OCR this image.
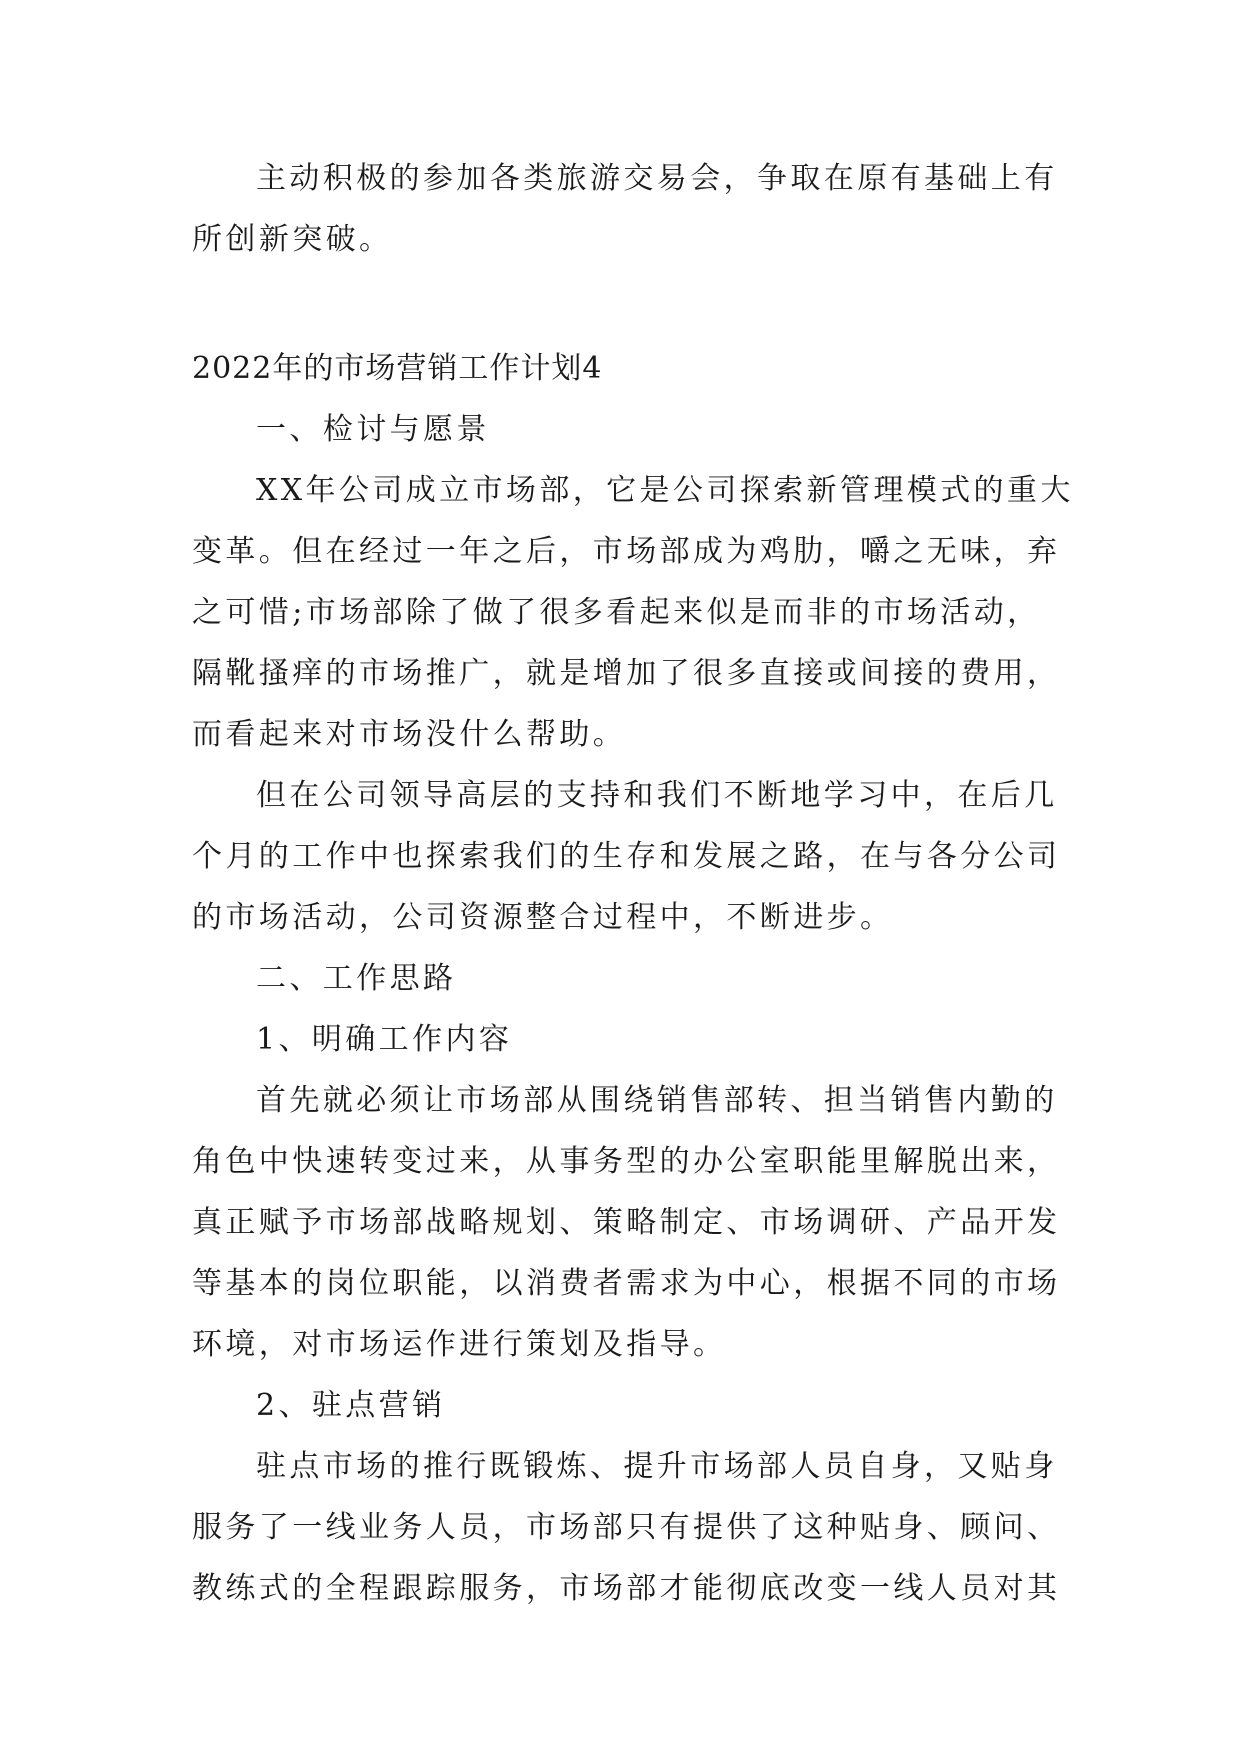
主动积极的参加各类旅游交易会，争取在原有基础上有
所创新突破。
2022年的市场营销工作计划4
一、检讨与愿景
XX年公司成立市场部，它是公司探索新管理模式的重大
变革。但在经过一年之后，市场部成为鸡肋，嚼之无味，弃
之可惜;市场部除了做了很多看起来似是而非的市场活动，
隔靴搔痒的市场推广，就是增加了很多直接或间接的费用，
而看起来对市场没什么帮助。
但在公司领导高层的支持和我们不断地学习中，在后几
个月的工作中也探索我们的生存和发展之路，在与各分公司
的市场活动，公司资源整合过程中，不断进步。
二、工作思路
1、明确工作内容
首先就必须让市场部从围绕销售部转、担当销售内勤的
角色中快速转变过来，从事务型的办公室职能里解脱出来，
真正赋予市场部战略规划、策略制定、市场调研、产品开发
等基本的岗位职能，以消费者需求为中心，根据不同的市场
环境，对市场运作进行策划及指导。
2、驻点营销
驻点市场的推行既锻炼、提升市场部人员自身，又贴身
服务了一线业务人员，市场部只有提供了这种贴身、顾问、
教练式的全程跟踪服务，市场部才能彻底改变一线人员对其
